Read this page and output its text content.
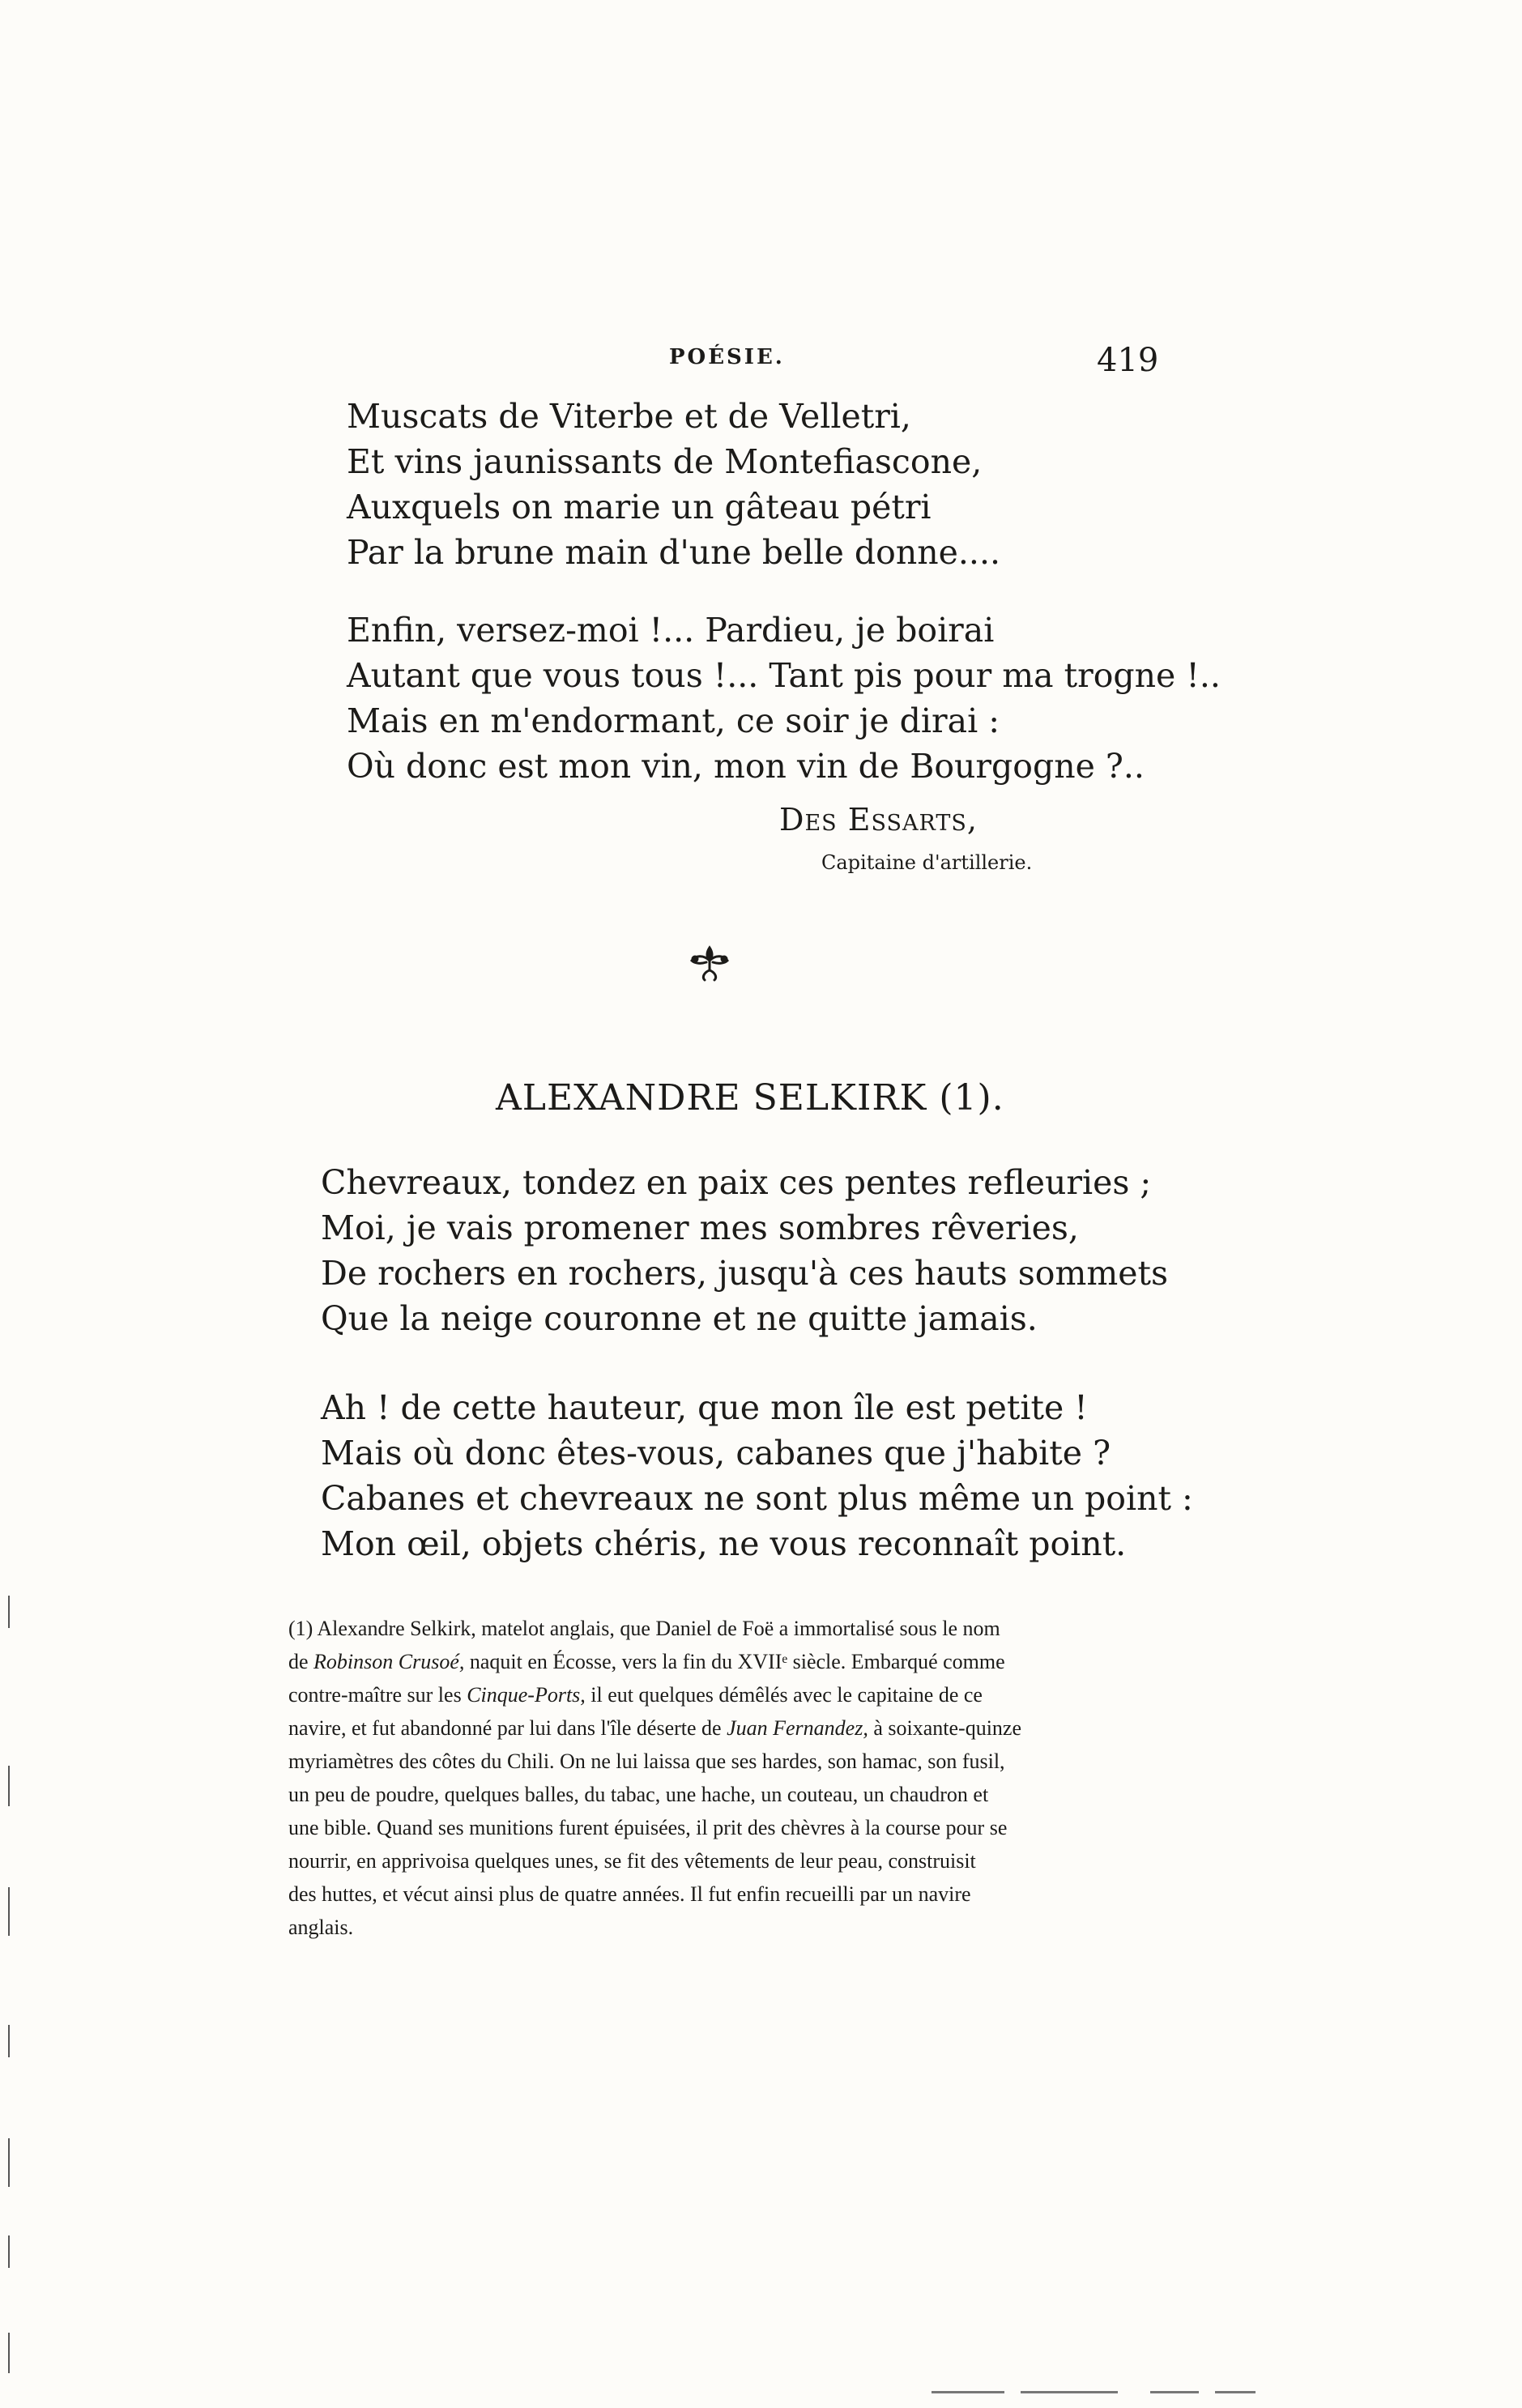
POÉSIE.	419
Muscats de Viterbe et de Velletri,
Et vins jaunissants de Montefiascone,
Auxquels on marie un gâteau pétri
Par la brune main d'une belle donne....
Enfin, versez-moi !... Pardieu, je boirai
Autant que vous tous !... Tant pis pour ma trogne !..
Mais en m'endormant, ce soir je dirai :
Où donc est mon vin, mon vin de Bourgogne ?..
Des Essarts,
Capitaine d'artillerie.
ALEXANDRE SELKIRK (1).
Chevreaux, tondez en paix ces pentes refleuries ;
Moi, je vais promener mes sombres rêveries,
De rochers en rochers, jusqu'à ces hauts sommets
Que la neige couronne et ne quitte jamais.
Ah ! de cette hauteur, que mon île est petite !
Mais où donc êtes-vous, cabanes que j'habite ?
Cabanes et chevreaux ne sont plus même un point :
Mon œil, objets chéris, ne vous reconnaît point.
(1) Alexandre Selkirk, matelot anglais, que Daniel de Foë a immortalisé sous le nom
de Robinson Crusoé, naquit en Écosse, vers la fin du XVIIᵉ siècle. Embarqué comme
contre-maître sur les Cinque-Ports, il eut quelques démêlés avec le capitaine de ce
navire, et fut abandonné par lui dans l'île déserte de Juan Fernandez, à soixante-quinze
myriamètres des côtes du Chili. On ne lui laissa que ses hardes, son hamac, son fusil,
un peu de poudre, quelques balles, du tabac, une hache, un couteau, un chaudron et
une bible. Quand ses munitions furent épuisées, il prit des chèvres à la course pour se
nourrir, en apprivoisa quelques unes, se fit des vêtements de leur peau, construisit
des huttes, et vécut ainsi plus de quatre années. Il fut enfin recueilli par un navire
anglais.
